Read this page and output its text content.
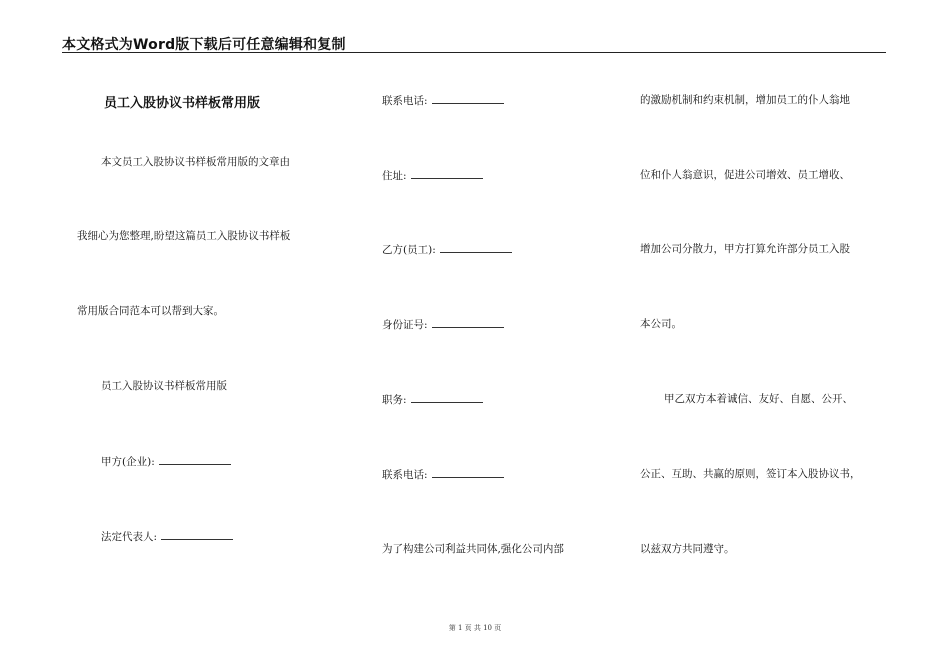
本文格式为Word版下载后可任意编辑和复制
员工入股协议书样板常用版
本文员工入股协议书样板常用版的文章由
我细心为您整理,盼望这篇员工入股协议书样板
常用版合同范本可以帮到大家。
员工入股协议书样板常用版
甲方(企业):
法定代表人:
联系电话:
住址:
乙方(员工):
身份证号:
职务:
联系电话:
为了构建公司利益共同体,强化公司内部
的激励机制和约束机制，增加员工的仆人翁地
位和仆人翁意识，促进公司增效、员工增收、
增加公司分散力，甲方打算允许部分员工入股
本公司。
甲乙双方本着诚信、友好、自愿、公开、
公正、互助、共赢的原则，签订本入股协议书，
以兹双方共同遵守。
第 1 页 共 10 页
